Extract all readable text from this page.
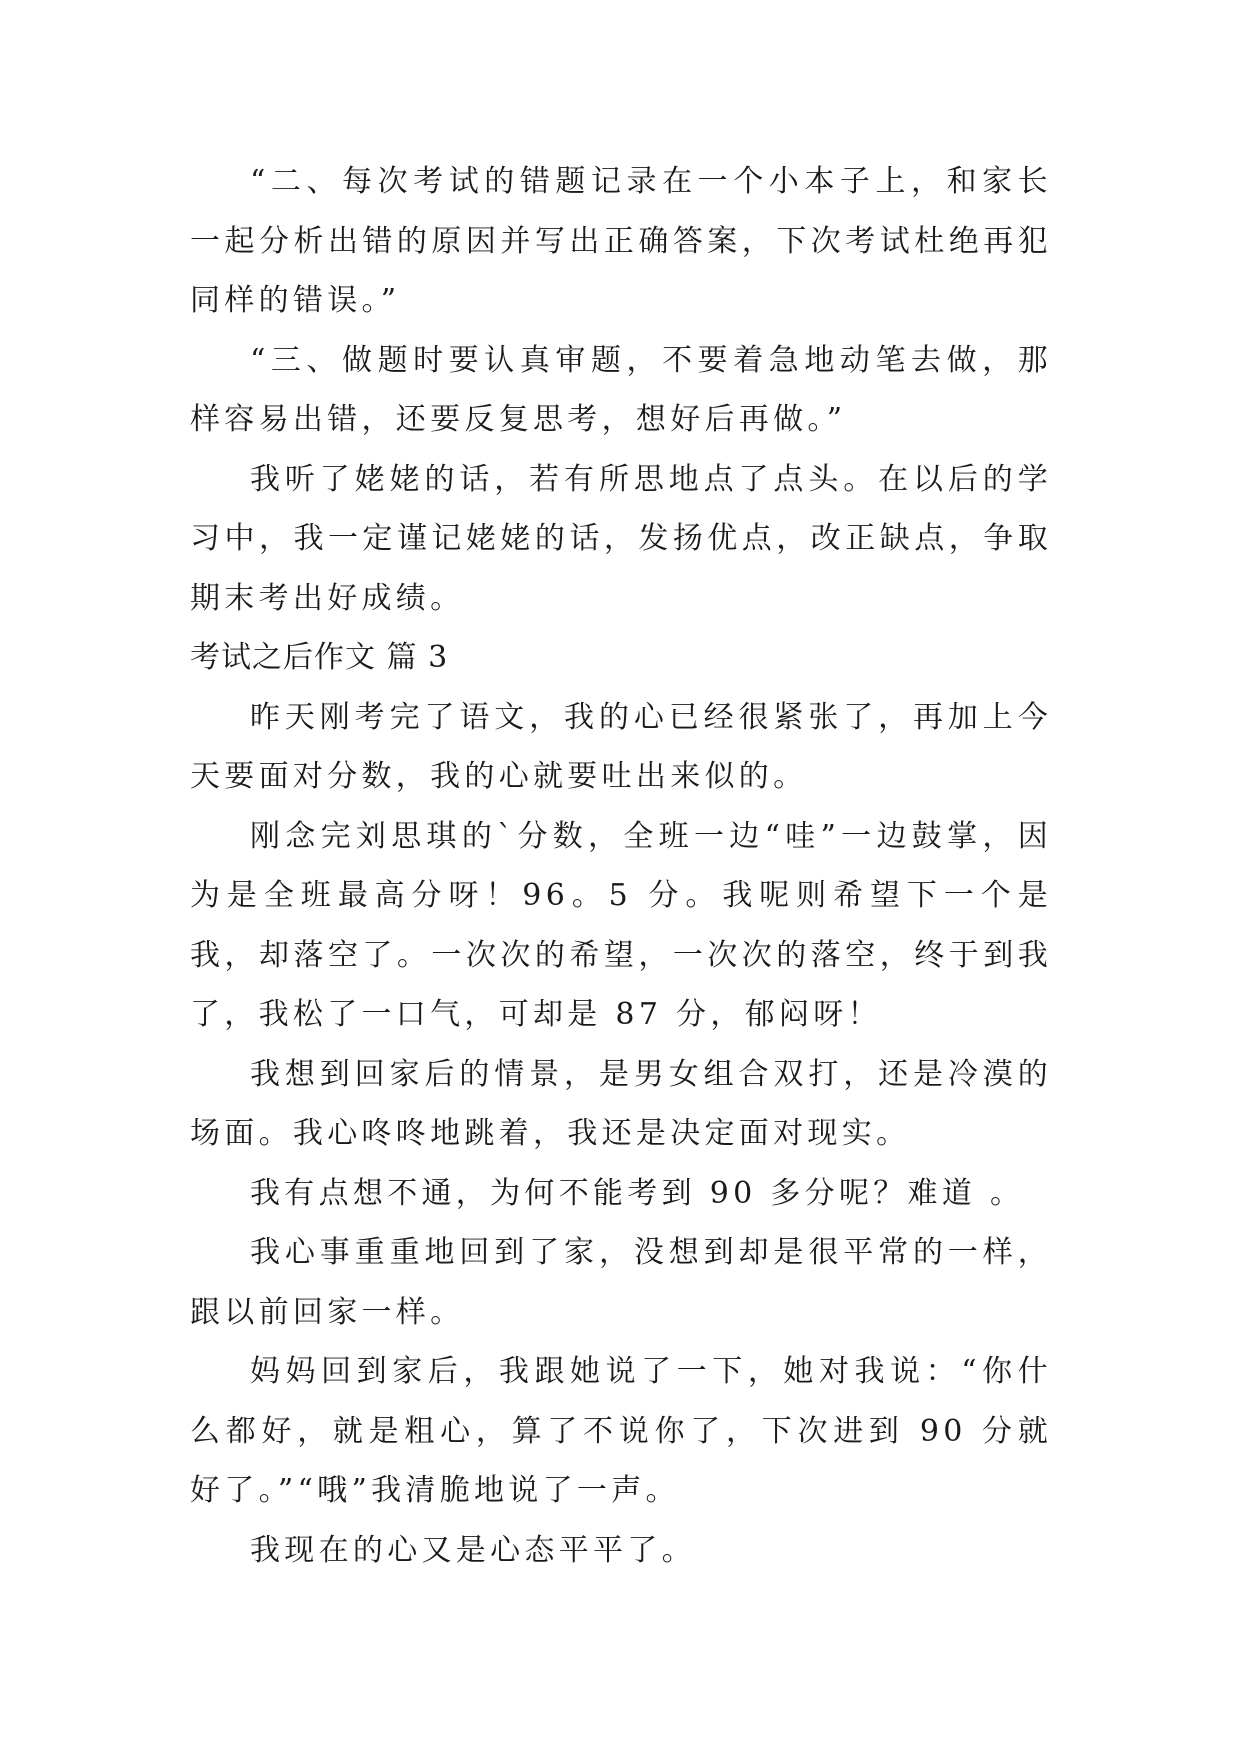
“二、每次考试的错题记录在一个小本子上，和家长一起分析出错的原因并写出正确答案，下次考试杜绝再犯同样的错误。”

“三、做题时要认真审题，不要着急地动笔去做，那样容易出错，还要反复思考，想好后再做。”

我听了姥姥的话，若有所思地点了点头。在以后的学习中，我一定谨记姥姥的话，发扬优点，改正缺点，争取期末考出好成绩。

考试之后作文 篇 3

昨天刚考完了语文，我的心已经很紧张了，再加上今天要面对分数，我的心就要吐出来似的。

刚念完刘思琪的`分数，全班一边“哇”一边鼓掌，因为是全班最高分呀！96。5 分。我呢则希望下一个是我，却落空了。一次次的希望，一次次的落空，终于到我了，我松了一口气，可却是 87 分，郁闷呀！

我想到回家后的情景，是男女组合双打，还是冷漠的场面。我心咚咚地跳着，我还是决定面对现实。

我有点想不通，为何不能考到 90 多分呢？难道 。

我心事重重地回到了家，没想到却是很平常的一样，跟以前回家一样。

妈妈回到家后，我跟她说了一下，她对我说：“你什么都好，就是粗心，算了不说你了，下次进到 90 分就好了。”“哦”我清脆地说了一声。

我现在的心又是心态平平了。
